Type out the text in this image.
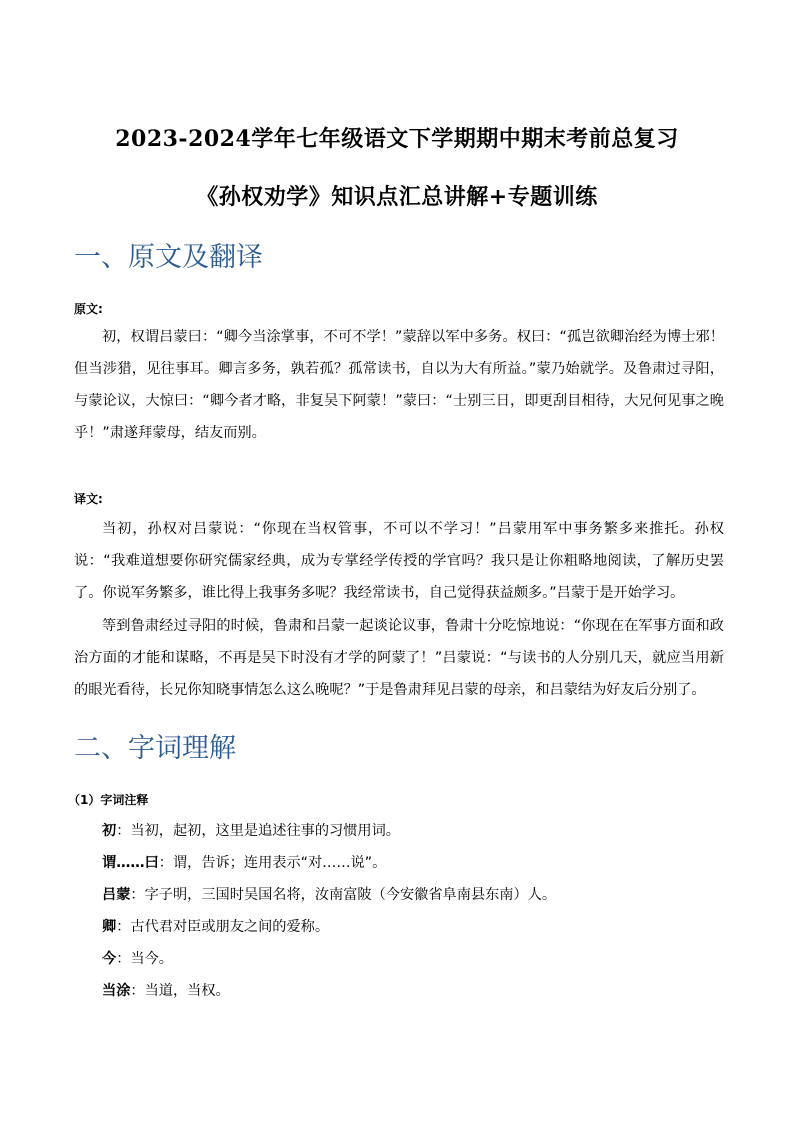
2023-2024学年七年级语文下学期期中期末考前总复习
《孙权劝学》知识点汇总讲解+专题训练
一、原文及翻译
原文:
初，权谓吕蒙曰：“卿今当涂掌事，不可不学！”蒙辞以军中多务。权曰：“孤岂欲卿治经为博士邪！但当涉猎，见往事耳。卿言多务，孰若孤？孤常读书，自以为大有所益。”蒙乃始就学。及鲁肃过寻阳，与蒙论议，大惊曰：“卿今者才略，非复吴下阿蒙！”蒙曰：“士别三日，即更刮目相待，大兄何见事之晚乎！”肃遂拜蒙母，结友而别。
译文:
当初，孙权对吕蒙说：“你现在当权管事，不可以不学习！”吕蒙用军中事务繁多来推托。孙权说：“我难道想要你研究儒家经典，成为专掌经学传授的学官吗？我只是让你粗略地阅读，了解历史罢了。你说军务繁多，谁比得上我事务多呢？我经常读书，自己觉得获益颇多。”吕蒙于是开始学习。
等到鲁肃经过寻阳的时候，鲁肃和吕蒙一起谈论议事，鲁肃十分吃惊地说：“你现在在军事方面和政治方面的才能和谋略，不再是吴下时没有才学的阿蒙了！”吕蒙说：“与读书的人分别几天，就应当用新的眼光看待，长兄你知晓事情怎么这么晚呢？”于是鲁肃拜见吕蒙的母亲，和吕蒙结为好友后分别了。
二、字词理解
（1）字词注释
初：当初，起初，这里是追述往事的习惯用词。
谓……曰：谓，告诉；连用表示“对……说”。
吕蒙：字子明，三国时吴国名将，汝南富陂（今安徽省阜南县东南）人。
卿：古代君对臣或朋友之间的爱称。
今：当今。
当涂：当道，当权。
